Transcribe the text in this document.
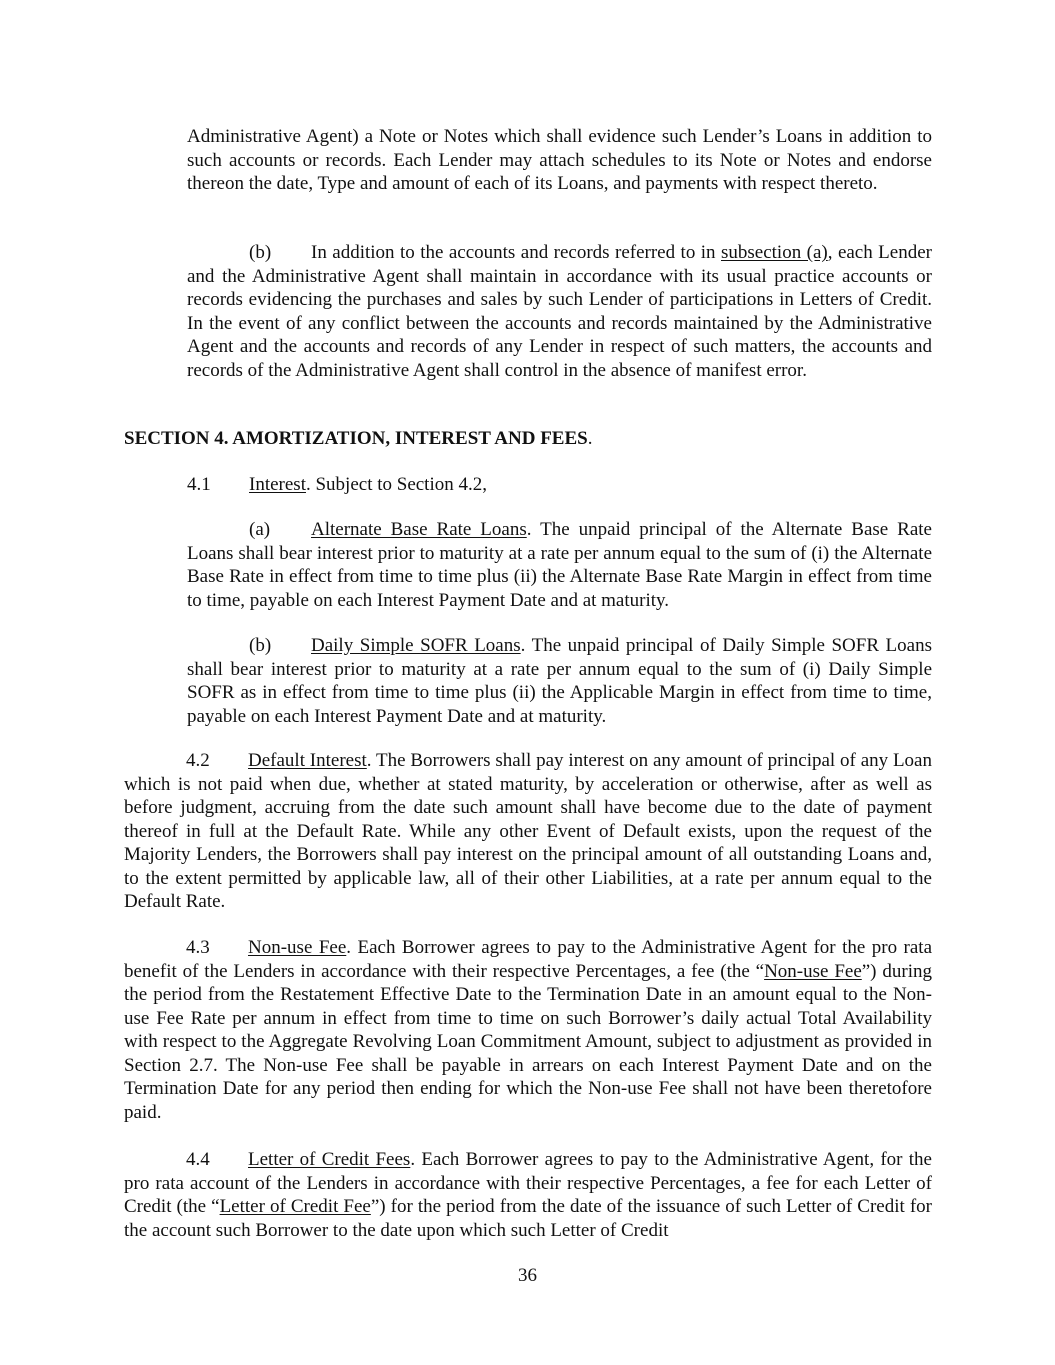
Administrative Agent) a Note or Notes which shall evidence such Lender’s Loans in addition to such accounts or records. Each Lender may attach schedules to its Note or Notes and endorse thereon the date, Type and amount of each of its Loans, and payments with respect thereto.

(b) In addition to the accounts and records referred to in subsection (a), each Lender and the Administrative Agent shall maintain in accordance with its usual practice accounts or records evidencing the purchases and sales by such Lender of participations in Letters of Credit. In the event of any conflict between the accounts and records maintained by the Administrative Agent and the accounts and records of any Lender in respect of such matters, the accounts and records of the Administrative Agent shall control in the absence of manifest error.

SECTION 4. AMORTIZATION, INTEREST AND FEES.

4.1 Interest. Subject to Section 4.2,

(a) Alternate Base Rate Loans. The unpaid principal of the Alternate Base Rate Loans shall bear interest prior to maturity at a rate per annum equal to the sum of (i) the Alternate Base Rate in effect from time to time plus (ii) the Alternate Base Rate Margin in effect from time to time, payable on each Interest Payment Date and at maturity.

(b) Daily Simple SOFR Loans. The unpaid principal of Daily Simple SOFR Loans shall bear interest prior to maturity at a rate per annum equal to the sum of (i) Daily Simple SOFR as in effect from time to time plus (ii) the Applicable Margin in effect from time to time, payable on each Interest Payment Date and at maturity.

4.2 Default Interest. The Borrowers shall pay interest on any amount of principal of any Loan which is not paid when due, whether at stated maturity, by acceleration or otherwise, after as well as before judgment, accruing from the date such amount shall have become due to the date of payment thereof in full at the Default Rate. While any other Event of Default exists, upon the request of the Majority Lenders, the Borrowers shall pay interest on the principal amount of all outstanding Loans and, to the extent permitted by applicable law, all of their other Liabilities, at a rate per annum equal to the Default Rate.

4.3 Non-use Fee. Each Borrower agrees to pay to the Administrative Agent for the pro rata benefit of the Lenders in accordance with their respective Percentages, a fee (the “Non-use Fee”) during the period from the Restatement Effective Date to the Termination Date in an amount equal to the Non-use Fee Rate per annum in effect from time to time on such Borrower’s daily actual Total Availability with respect to the Aggregate Revolving Loan Commitment Amount, subject to adjustment as provided in Section 2.7. The Non-use Fee shall be payable in arrears on each Interest Payment Date and on the Termination Date for any period then ending for which the Non-use Fee shall not have been theretofore paid.

4.4 Letter of Credit Fees. Each Borrower agrees to pay to the Administrative Agent, for the pro rata account of the Lenders in accordance with their respective Percentages, a fee for each Letter of Credit (the “Letter of Credit Fee”) for the period from the date of the issuance of such Letter of Credit for the account such Borrower to the date upon which such Letter of Credit

36
